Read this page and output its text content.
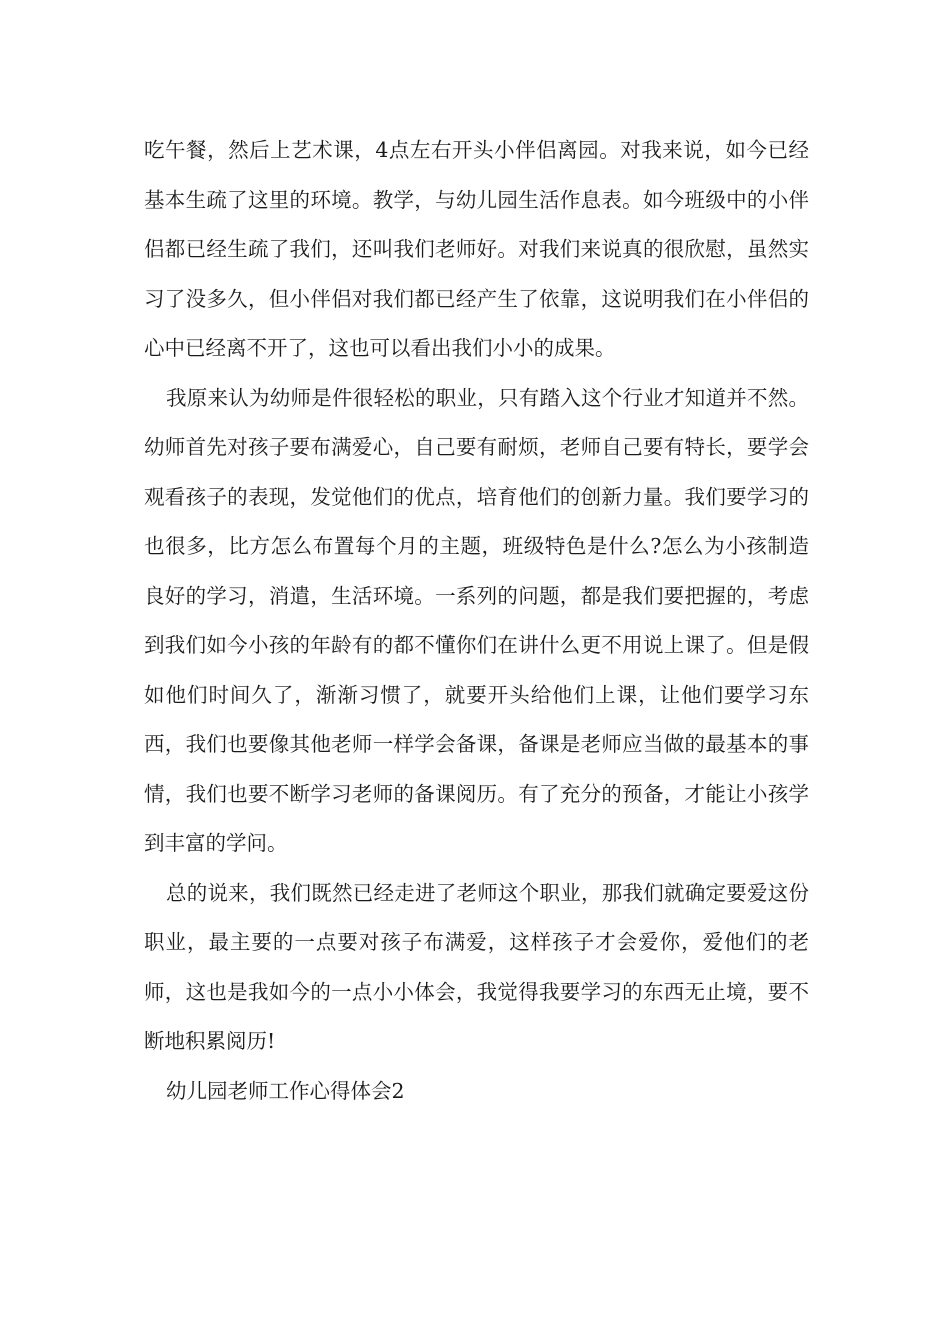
吃午餐，然后上艺术课，4点左右开头小伴侣离园。对我来说，如今已经基本生疏了这里的环境。教学，与幼儿园生活作息表。如今班级中的小伴侣都已经生疏了我们，还叫我们老师好。对我们来说真的很欣慰，虽然实习了没多久，但小伴侣对我们都已经产生了依靠，这说明我们在小伴侣的心中已经离不开了，这也可以看出我们小小的成果。

我原来认为幼师是件很轻松的职业，只有踏入这个行业才知道并不然。幼师首先对孩子要布满爱心，自己要有耐烦，老师自己要有特长，要学会观看孩子的表现，发觉他们的优点，培育他们的创新力量。我们要学习的也很多，比方怎么布置每个月的主题，班级特色是什么?怎么为小孩制造良好的学习，消遣，生活环境。一系列的问题，都是我们要把握的，考虑到我们如今小孩的年龄有的都不懂你们在讲什么更不用说上课了。但是假如他们时间久了，渐渐习惯了，就要开头给他们上课，让他们要学习东西，我们也要像其他老师一样学会备课，备课是老师应当做的最基本的事情，我们也要不断学习老师的备课阅历。有了充分的预备，才能让小孩学到丰富的学问。

总的说来，我们既然已经走进了老师这个职业，那我们就确定要爱这份职业，最主要的一点要对孩子布满爱，这样孩子才会爱你，爱他们的老师，这也是我如今的一点小小体会，我觉得我要学习的东西无止境，要不断地积累阅历!

幼儿园老师工作心得体会2
